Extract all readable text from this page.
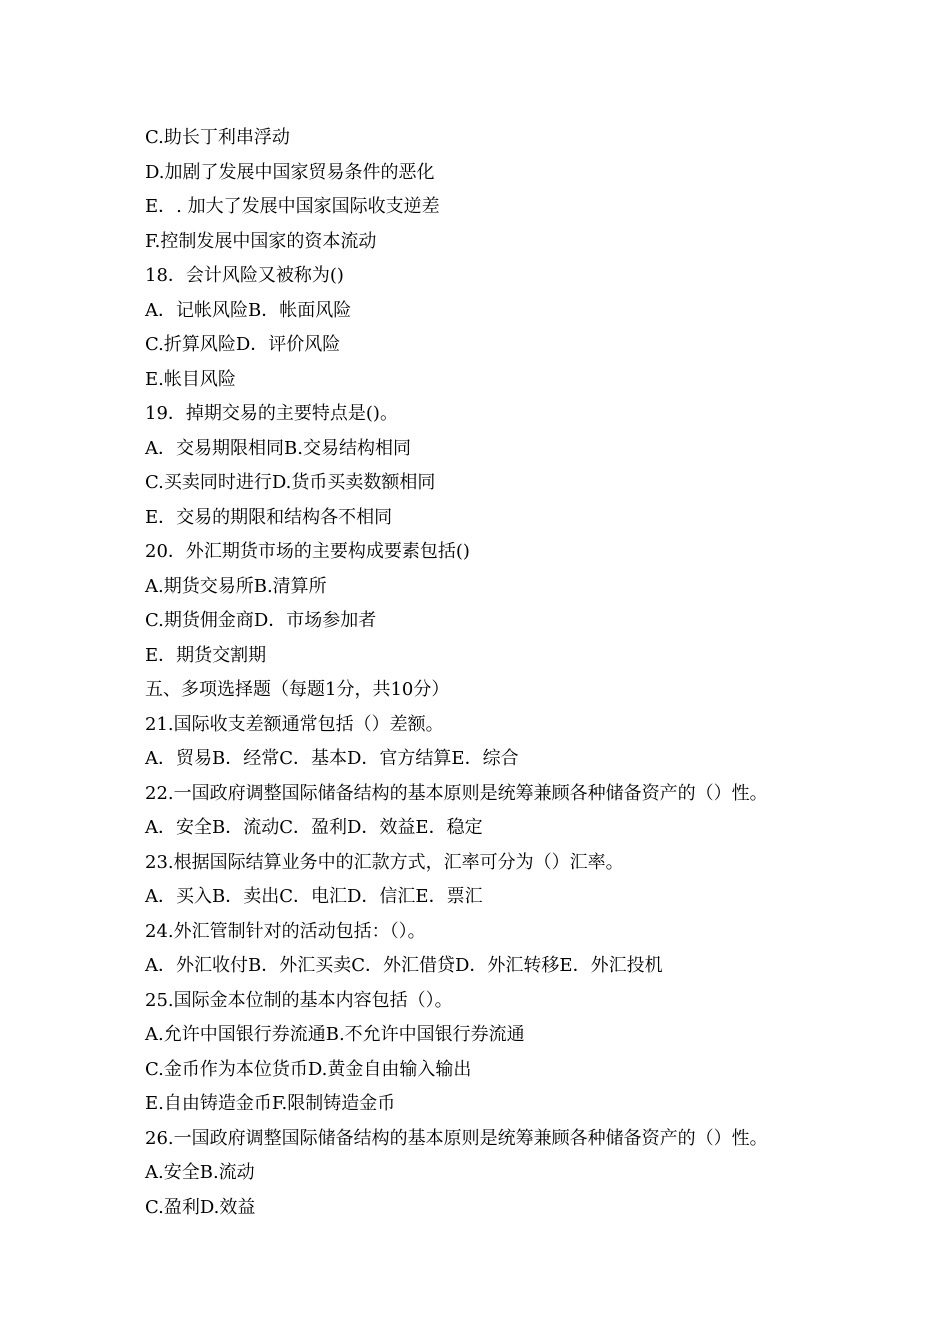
C.助长丁利串浮动
D.加剧了发展中国家贸易条件的恶化
E．. 加大了发展中国家国际收支逆差
F.控制发展中国家的资本流动
18．会计风险又被称为()
A．记帐风险B．帐面风险
C.折算风险D．评价风险
E.帐目风险
19．掉期交易的主要特点是()。
A．交易期限相同B.交易结构相同
C.买卖同时进行D.货币买卖数额相同
E．交易的期限和结构各不相同
20．外汇期货市场的主要构成要素包括()
A.期货交易所B.清算所
C.期货佣金商D．市场参加者
E．期货交割期
五、多项选择题（每题1分，共10分）
21.国际收支差额通常包括（）差额。
A．贸易B．经常C．基本D．官方结算E．综合
22.一国政府调整国际储备结构的基本原则是统筹兼顾各种储备资产的（）性。
A．安全B．流动C．盈利D．效益E．稳定
23.根据国际结算业务中的汇款方式，汇率可分为（）汇率。
A．买入B．卖出C．电汇D．信汇E．票汇
24.外汇管制针对的活动包括：（）。
A．外汇收付B．外汇买卖C．外汇借贷D．外汇转移E．外汇投机
25.国际金本位制的基本内容包括（）。
A.允许中国银行券流通B.不允许中国银行券流通
C.金币作为本位货币D.黄金自由输入输出
E.自由铸造金币F.限制铸造金币
26.一国政府调整国际储备结构的基本原则是统筹兼顾各种储备资产的（）性。
A.安全B.流动
C.盈利D.效益
